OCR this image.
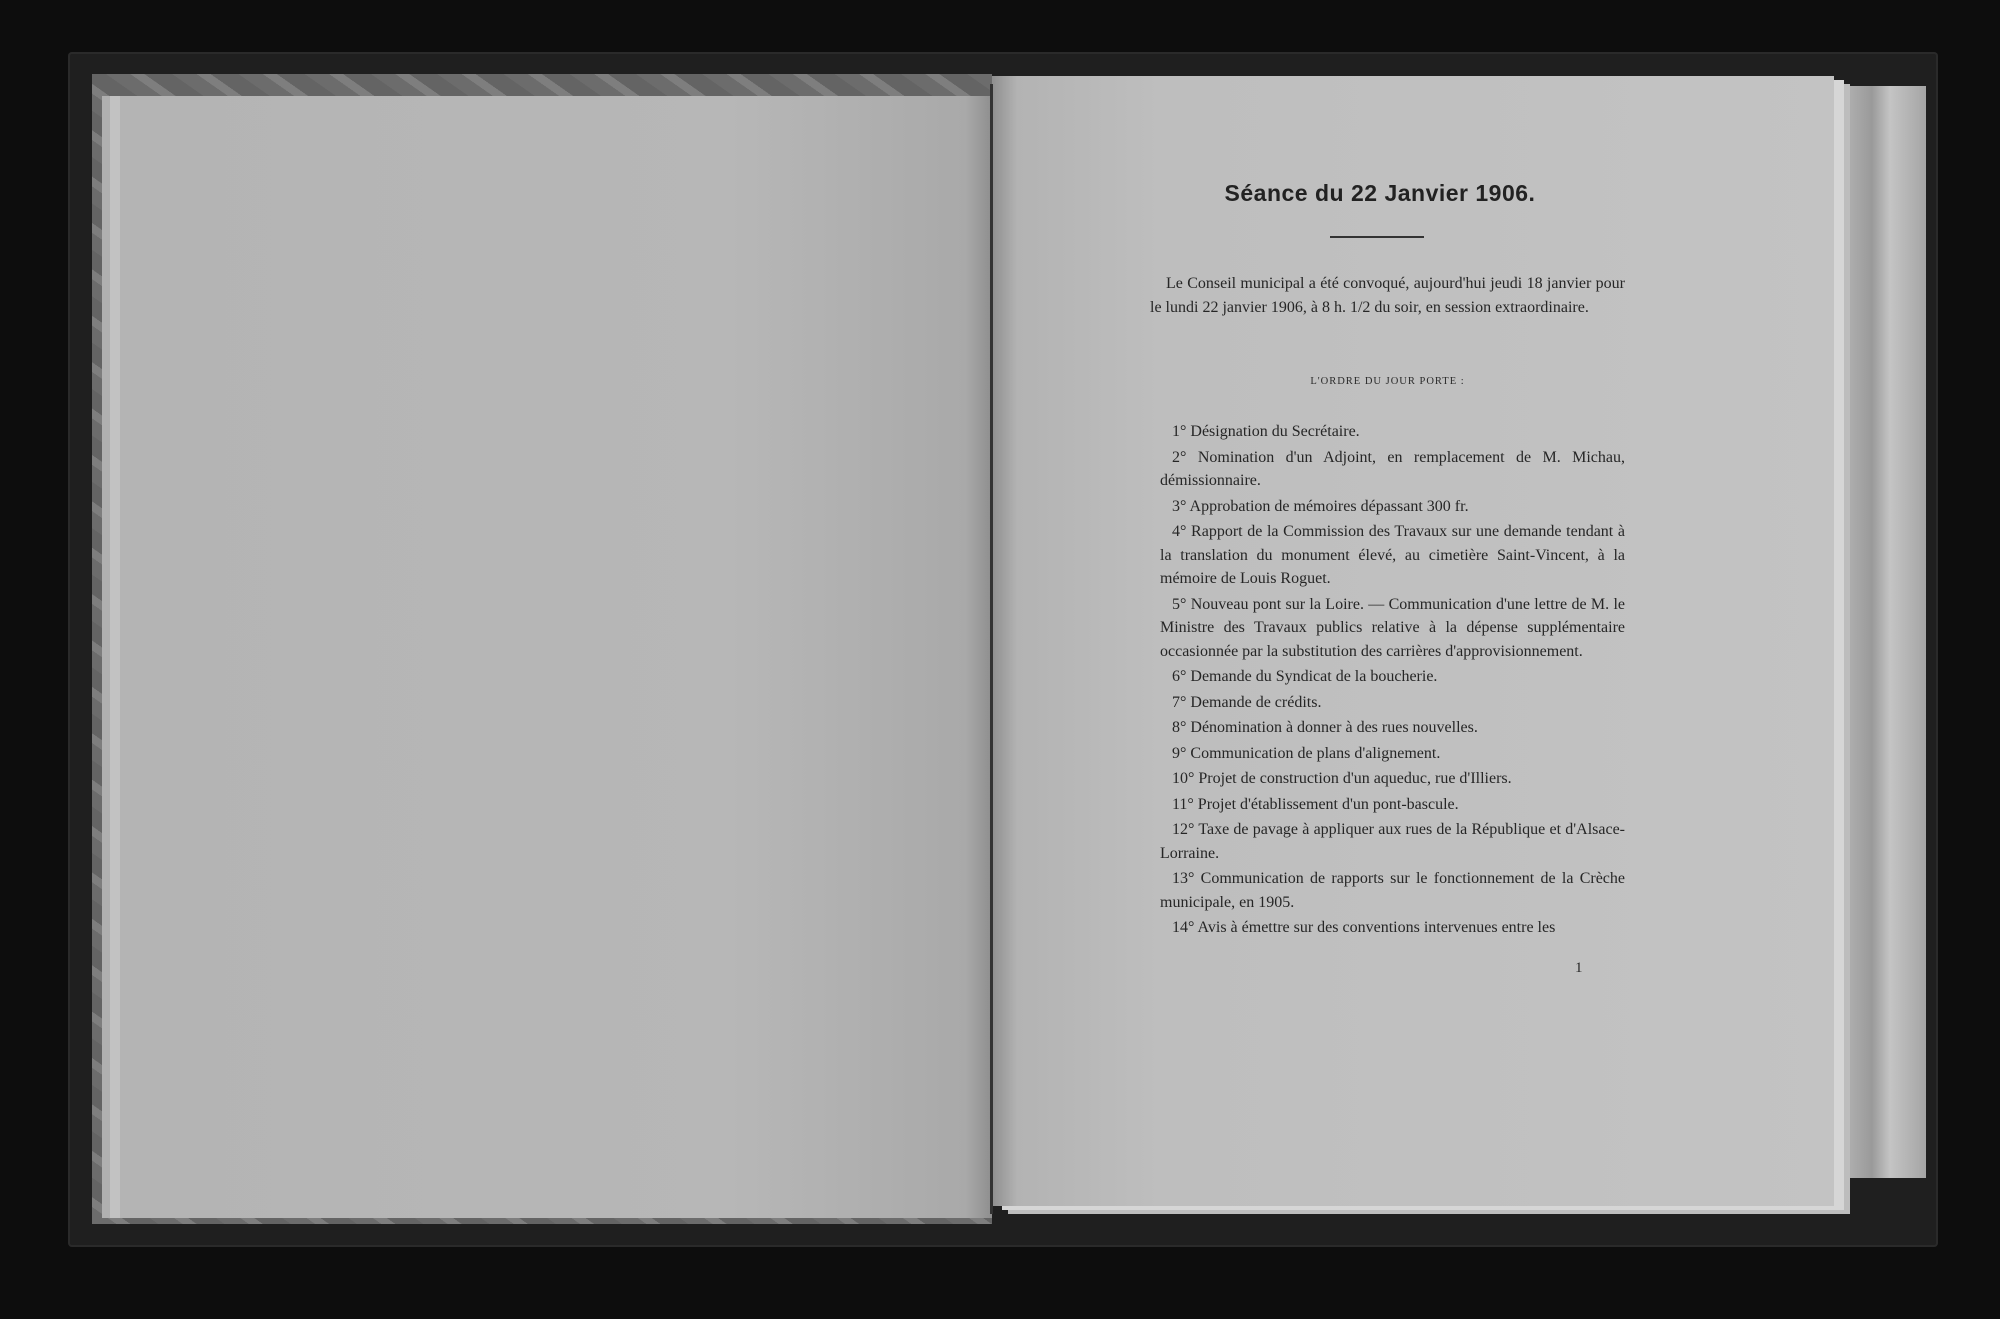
Séance du 22 Janvier 1906.

Le Conseil municipal a été convoqué, aujourd'hui jeudi 18 janvier pour le lundi 22 janvier 1906, à 8 h. 1/2 du soir, en session extraordinaire.

L'ORDRE DU JOUR PORTE :

1° Désignation du Secrétaire.
2° Nomination d'un Adjoint, en remplacement de M. Michau, démissionnaire.
3° Approbation de mémoires dépassant 300 fr.
4° Rapport de la Commission des Travaux sur une demande tendant à la translation du monument élevé, au cimetière Saint-Vincent, à la mémoire de Louis Roguet.
5° Nouveau pont sur la Loire. — Communication d'une lettre de M. le Ministre des Travaux publics relative à la dépense supplémentaire occasionnée par la substitution des carrières d'approvisionnement.
6° Demande du Syndicat de la boucherie.
7° Demande de crédits.
8° Dénomination à donner à des rues nouvelles.
9° Communication de plans d'alignement.
10° Projet de construction d'un aqueduc, rue d'Illiers.
11° Projet d'établissement d'un pont-bascule.
12° Taxe de pavage à appliquer aux rues de la République et d'Alsace-Lorraine.
13° Communication de rapports sur le fonctionnement de la Crèche municipale, en 1905.
14° Avis à émettre sur des conventions intervenues entre les
1
